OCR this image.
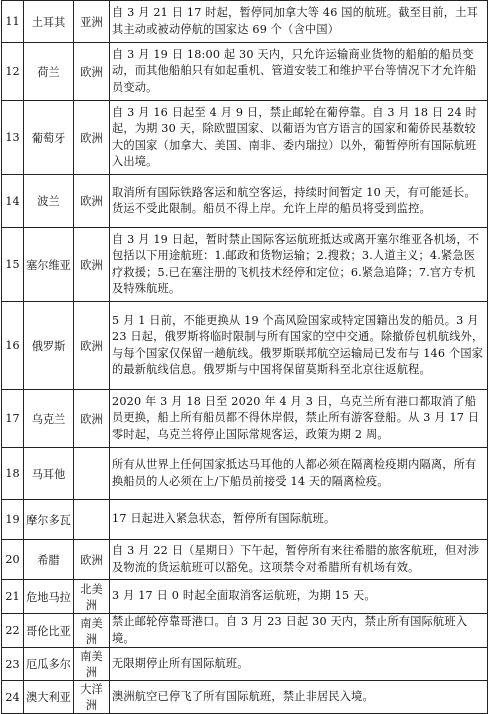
11	土耳其	亚洲	自 3 月 21 日 17 时起，暂停同加拿大等 46 国的航班。截至目前，土耳其主动或被动停航的国家达 69 个（含中国）
12	荷兰	欧洲	自 3 月 19 日 18:00 起 30 天内，只允许运输商业货物的船舶的船员变动，而其他船舶只有如起重机、管道安装工和维护平台等情况下才允许船员变动。
13	葡萄牙	欧洲	自 3 月 16 日起至 4 月 9 日，禁止邮轮在葡停靠。自 3 月 18 日 24 时起，为期 30 天，除欧盟国家、以葡语为官方语言的国家和葡侨民基数较大的国家（加拿大、美国、南非、委内瑞拉）以外，葡暂停所有国际航班入出境。
14	波兰	欧洲	取消所有国际铁路客运和航空客运，持续时间暂定 10 天，有可能延长。货运不受此限制。船员不得上岸。允许上岸的船员将受到监控。
15	塞尔维亚	欧洲	自 3 月 19 日起，暂时禁止国际客运航班抵达或离开塞尔维亚各机场，不包括以下用途航班：1.邮政和货物运输；2.搜救；3.人道主义；4.紧急医疗救援；5.已在塞注册的飞机技术经停和定位；6.紧急追降；7.官方专机及特殊航班。
16	俄罗斯	欧洲	5 月 1 日前，不能更换从 19 个高风险国家或特定国籍出发的船员。3 月 23 日起，俄罗斯将临时限制与所有国家的空中交通。除撤侨包机航线外，与每个国家仅保留一趟航线。俄罗斯联邦航空运输局已发布与 146 个国家的最新航线信息。俄罗斯与中国将保留莫斯科至北京往返航程。
17	乌克兰	欧洲	2020 年 3 月 18 日至 2020 年 4 月 3 日，乌克兰所有港口都取消了船员更换，船上所有船员都不得休岸假，禁止所有游客登船。从 3 月 17 日零时起，乌克兰将停止国际常规客运，政策为期 2 周。
18	马耳他		所有从世界上任何国家抵达马耳他的人都必须在隔离检疫期内隔离，所有换船员的人必须在上/下船员前接受 14 天的隔离检疫。
19	摩尔多瓦		17 日起进入紧急状态，暂停所有国际航班。
20	希腊	欧洲	自 3 月 22 日（星期日）下午起，暂停所有来往希腊的旅客航班，但对涉及物流的货运航班可以豁免。这项禁令对希腊所有机场有效。
21	危地马拉	北美洲	3 月 17 日 0 时起全面取消客运航班，为期 15 天。
22	哥伦比亚	南美洲	禁止邮轮停靠哥港口。自 3 月 23 日起 30 天内，禁止所有国际航班入境。
23	厄瓜多尔	南美洲	无限期停止所有国际航班。
24	澳大利亚	大洋洲	澳洲航空已停飞了所有国际航班，禁止非居民入境。
